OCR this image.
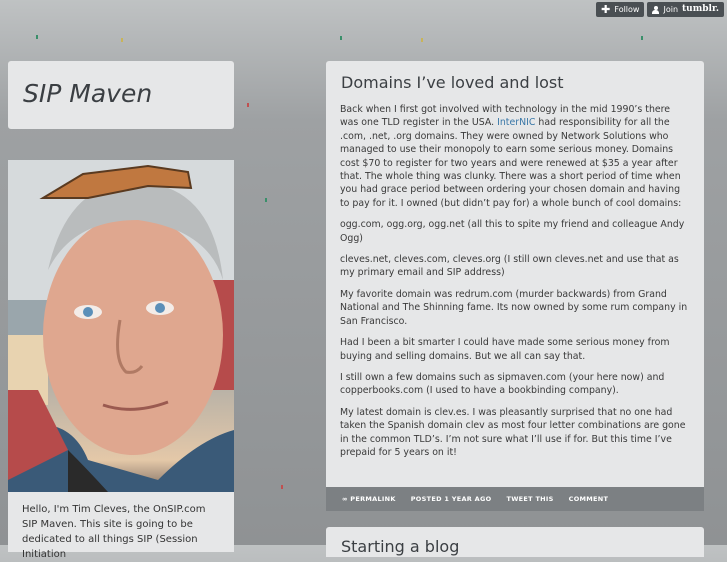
✚ Follow	Join tumblr.
SIP Maven
Hello, I'm Tim Cleves, the OnSIP.com SIP Maven. This site is going to be dedicated to all things SIP (Session Initiation
Domains I’ve loved and lost

Back when I first got involved with technology in the mid 1990’s there was one TLD register in the USA. InterNIC had responsibility for all the .com, .net, .org domains. They were owned by Network Solutions who managed to use their monopoly to earn some serious money. Domains cost $70 to register for two years and were renewed at $35 a year after that. The whole thing was clunky. There was a short period of time when you had grace period between ordering your chosen domain and having to pay for it. I owned (but didn’t pay for) a whole bunch of cool domains:

ogg.com, ogg.org, ogg.net (all this to spite my friend and colleague Andy Ogg)

cleves.net, cleves.com, cleves.org (I still own cleves.net and use that as my primary email and SIP address)

My favorite domain was redrum.com (murder backwards) from Grand National and The Shinning fame. Its now owned by some rum company in San Francisco.

Had I been a bit smarter I could have made some serious money from buying and selling domains. But we all can say that.

I still own a few domains such as sipmaven.com (your here now) and copperbooks.com (I used to have a bookbinding company).

My latest domain is clev.es. I was pleasantly surprised that no one had taken the Spanish domain clev as most four letter combinations are gone in the common TLD’s. I’m not sure what I’ll use if for. But this time I’ve prepaid for 5 years on it!

∞ PERMALINK POSTED 1 YEAR AGO TWEET THIS COMMENT
Starting a blog
